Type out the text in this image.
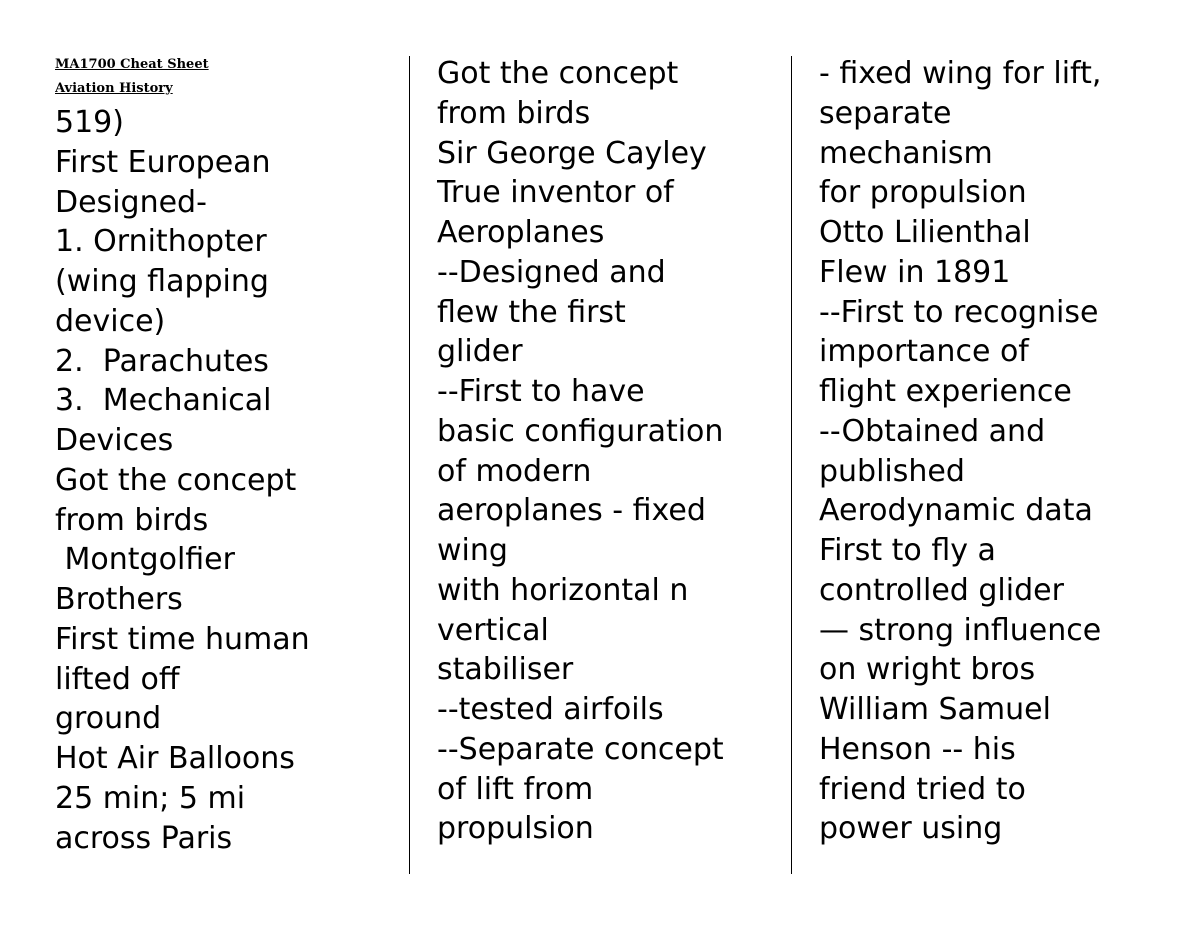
MA1700 Cheat Sheet
Aviation History
519)
First European
Designed-
1. Ornithopter
(wing flapping
device)
2.  Parachutes
3.  Mechanical
Devices
Got the concept
from birds
Montgolfier
Brothers
First time human
lifted off
ground
Hot Air Balloons
25 min; 5 mi
across Paris
Got the concept
from birds
Sir George Cayley
True inventor of
Aeroplanes
--Designed and
flew the first
glider
--First to have
basic configuration
of modern
aeroplanes - fixed
wing
with horizontal n
vertical
stabiliser
--tested airfoils
--Separate concept
of lift from
propulsion
- fixed wing for lift,
separate
mechanism
for propulsion
Otto Lilienthal
Flew in 1891
--First to recognise
importance of
flight experience
--Obtained and
published
Aerodynamic data
First to fly a
controlled glider
— strong influence
on wright bros
William Samuel
Henson -- his
friend tried to
power using
